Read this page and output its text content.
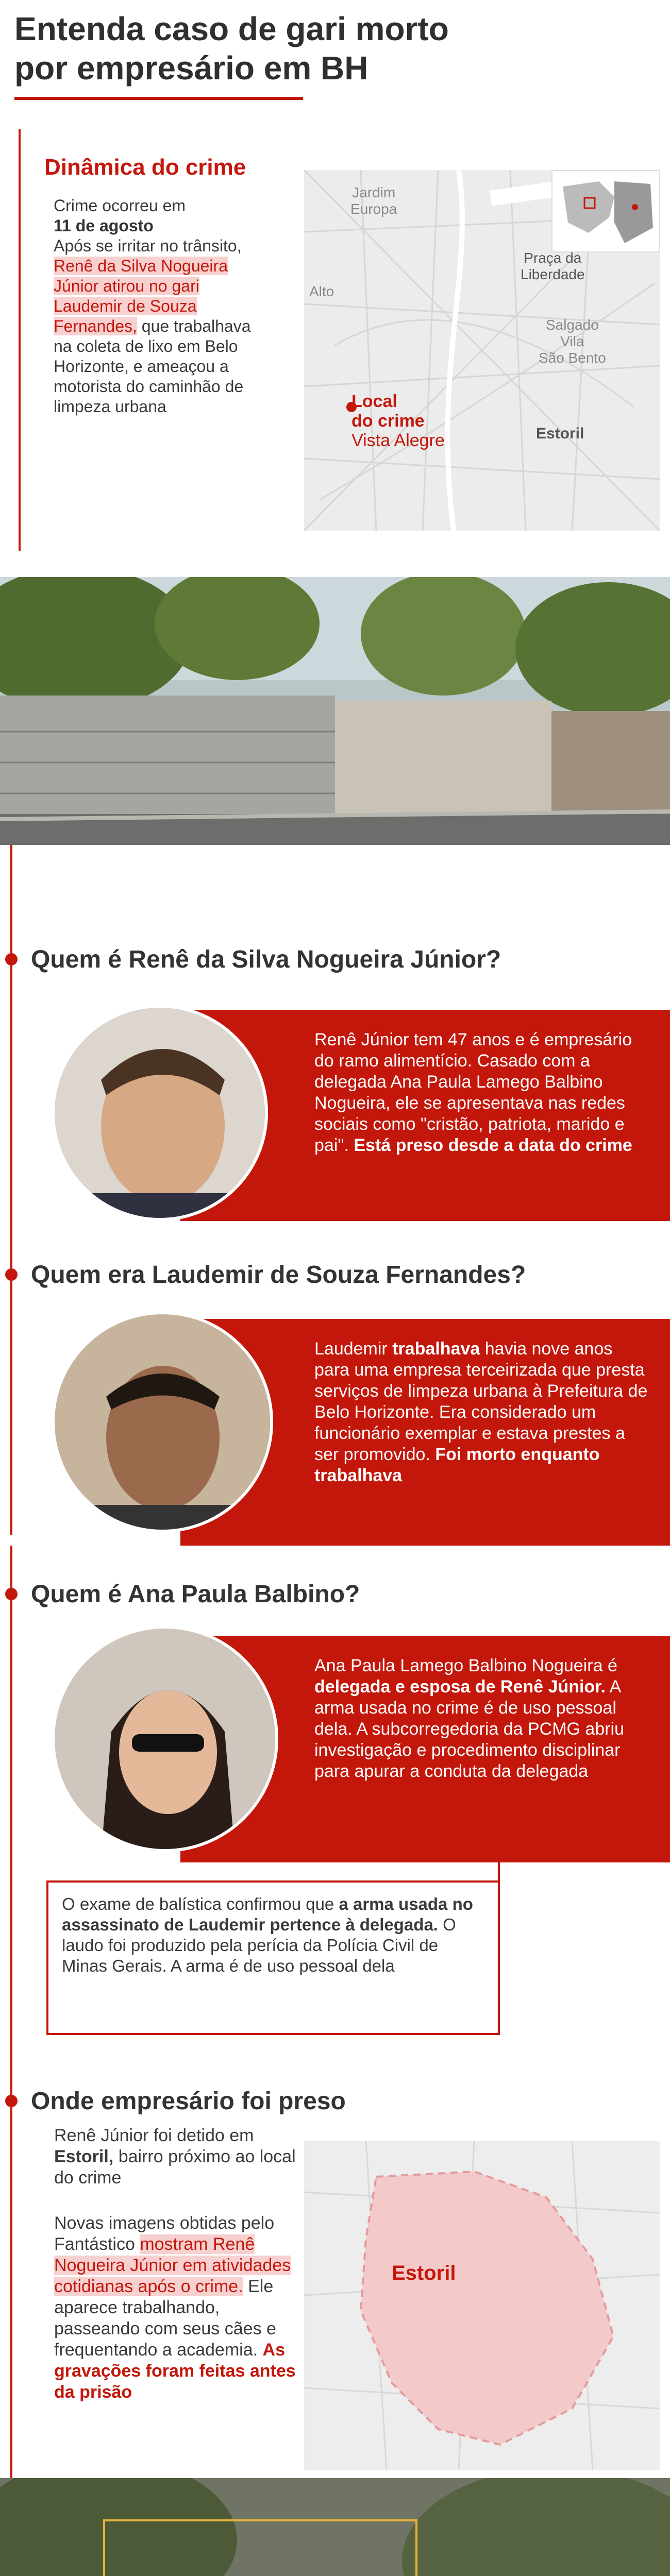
Entenda caso de gari morto
por empresário em BH
Dinâmica do crime
Crime ocorreu em
11 de agosto
Após se irritar no trânsito, Renê da Silva Nogueira Júnior atirou no gari Laudemir de Souza Fernandes, que trabalhava na coleta de lixo em Belo Horizonte, e ameaçou a motorista do caminhão de limpeza urbana
Jardim
Europa
Praça da
Liberdade
Alto
Salgado
Vila
São Bento
Estoril
Local
do crime
Vista Alegre
Quem é Renê da Silva Nogueira Júnior?
Renê Júnior tem 47 anos e é empresário do ramo alimentício. Casado com a delegada Ana Paula Lamego Balbino Nogueira, ele se apresentava nas redes sociais como "cristão, patriota, marido e pai". Está preso desde a data do crime
Quem era Laudemir de Souza Fernandes?
Laudemir trabalhava havia nove anos para uma empresa terceirizada que presta serviços de limpeza urbana à Prefeitura de Belo Horizonte. Era considerado um funcionário exemplar e estava prestes a ser promovido. Foi morto enquanto trabalhava
Quem é Ana Paula Balbino?
Ana Paula Lamego Balbino Nogueira é delegada e esposa de Renê Júnior. A arma usada no crime é de uso pessoal dela. A subcorregedoria da PCMG abriu investigação e procedimento disciplinar para apurar a conduta da delegada
O exame de balística confirmou que a arma usada no assassinato de Laudemir pertence à delegada. O laudo foi produzido pela perícia da Polícia Civil de Minas Gerais. A arma é de uso pessoal dela
Onde empresário foi preso
Renê Júnior foi detido em Estoril, bairro próximo ao local do crime
Novas imagens obtidas pelo Fantástico mostram Renê Nogueira Júnior em atividades cotidianas após o crime. Ele aparece trabalhando, passeando com seus cães e frequentando a academia. As gravações foram feitas antes da prisão
Estoril
